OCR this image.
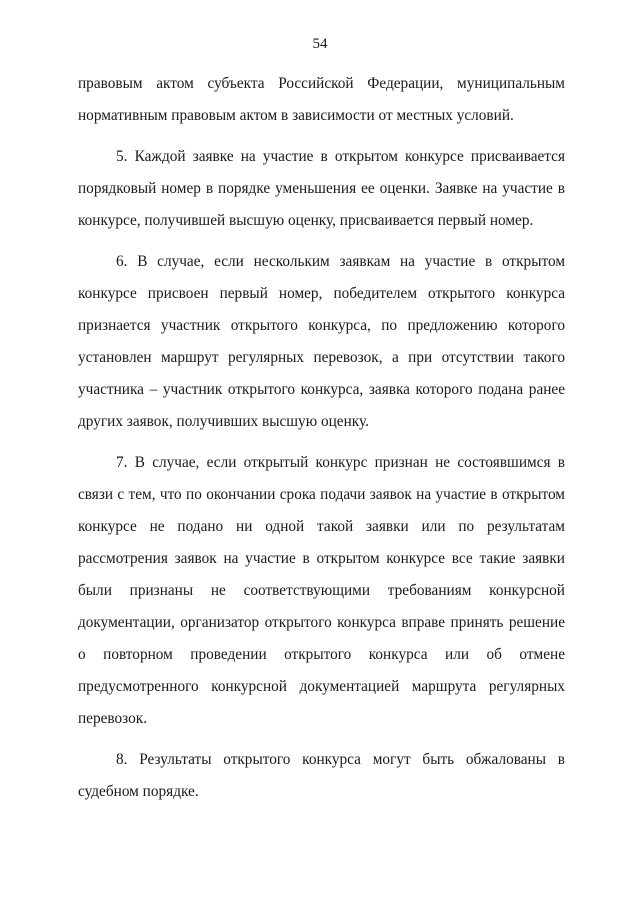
54

правовым актом субъекта Российской Федерации, муниципальным нормативным правовым актом в зависимости от местных условий.

5. Каждой заявке на участие в открытом конкурсе присваивается порядковый номер в порядке уменьшения ее оценки. Заявке на участие в конкурсе, получившей высшую оценку, присваивается первый номер.

6. В случае, если нескольким заявкам на участие в открытом конкурсе присвоен первый номер, победителем открытого конкурса признается участник открытого конкурса, по предложению которого установлен маршрут регулярных перевозок, а при отсутствии такого участника – участник открытого конкурса, заявка которого подана ранее других заявок, получивших высшую оценку.

7. В случае, если открытый конкурс признан не состоявшимся в связи с тем, что по окончании срока подачи заявок на участие в открытом конкурсе не подано ни одной такой заявки или по результатам рассмотрения заявок на участие в открытом конкурсе все такие заявки были признаны не соответствующими требованиям конкурсной документации, организатор открытого конкурса вправе принять решение о повторном проведении открытого конкурса или об отмене предусмотренного конкурсной документацией маршрута регулярных перевозок.

8. Результаты открытого конкурса могут быть обжалованы в судебном порядке.
